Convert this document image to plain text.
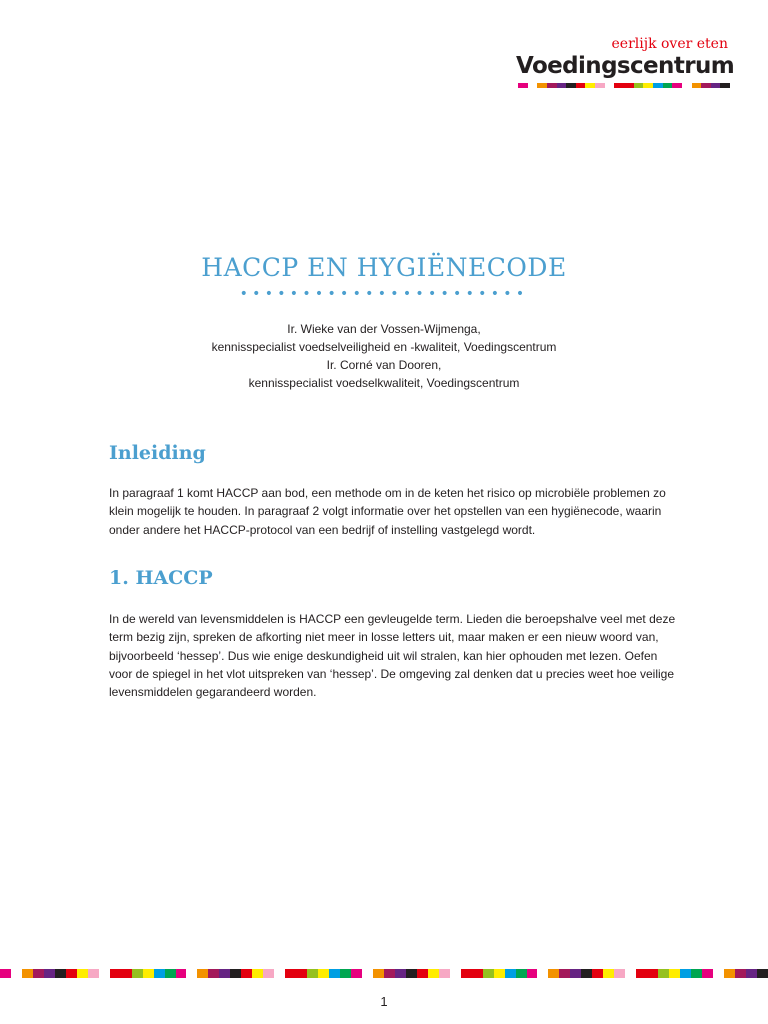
eerlijk over eten
Voedingscentrum
HACCP EN HYGIËNECODE
•••••••••••••••••••••••
Ir. Wieke van der Vossen-Wijmenga,
kennisspecialist voedselveiligheid en -kwaliteit, Voedingscentrum
Ir. Corné van Dooren,
kennisspecialist voedselkwaliteit, Voedingscentrum
Inleiding

In paragraaf 1 komt HACCP aan bod, een methode om in de keten het risico op microbiële problemen zo klein mogelijk te houden. In paragraaf 2 volgt informatie over het opstellen van een hygiënecode, waarin onder andere het HACCP-protocol van een bedrijf of instelling vastgelegd wordt.

1. HACCP

In de wereld van levensmiddelen is HACCP een gevleugelde term. Lieden die beroepshalve veel met deze term bezig zijn, spreken de afkorting niet meer in losse letters uit, maar maken er een nieuw woord van, bijvoorbeeld ‘hessep’. Dus wie enige deskundigheid uit wil stralen, kan hier ophouden met lezen. Oefen voor de spiegel in het vlot uitspreken van ‘hessep’. De omgeving zal denken dat u precies weet hoe veilige levensmiddelen gegarandeerd worden.

1
